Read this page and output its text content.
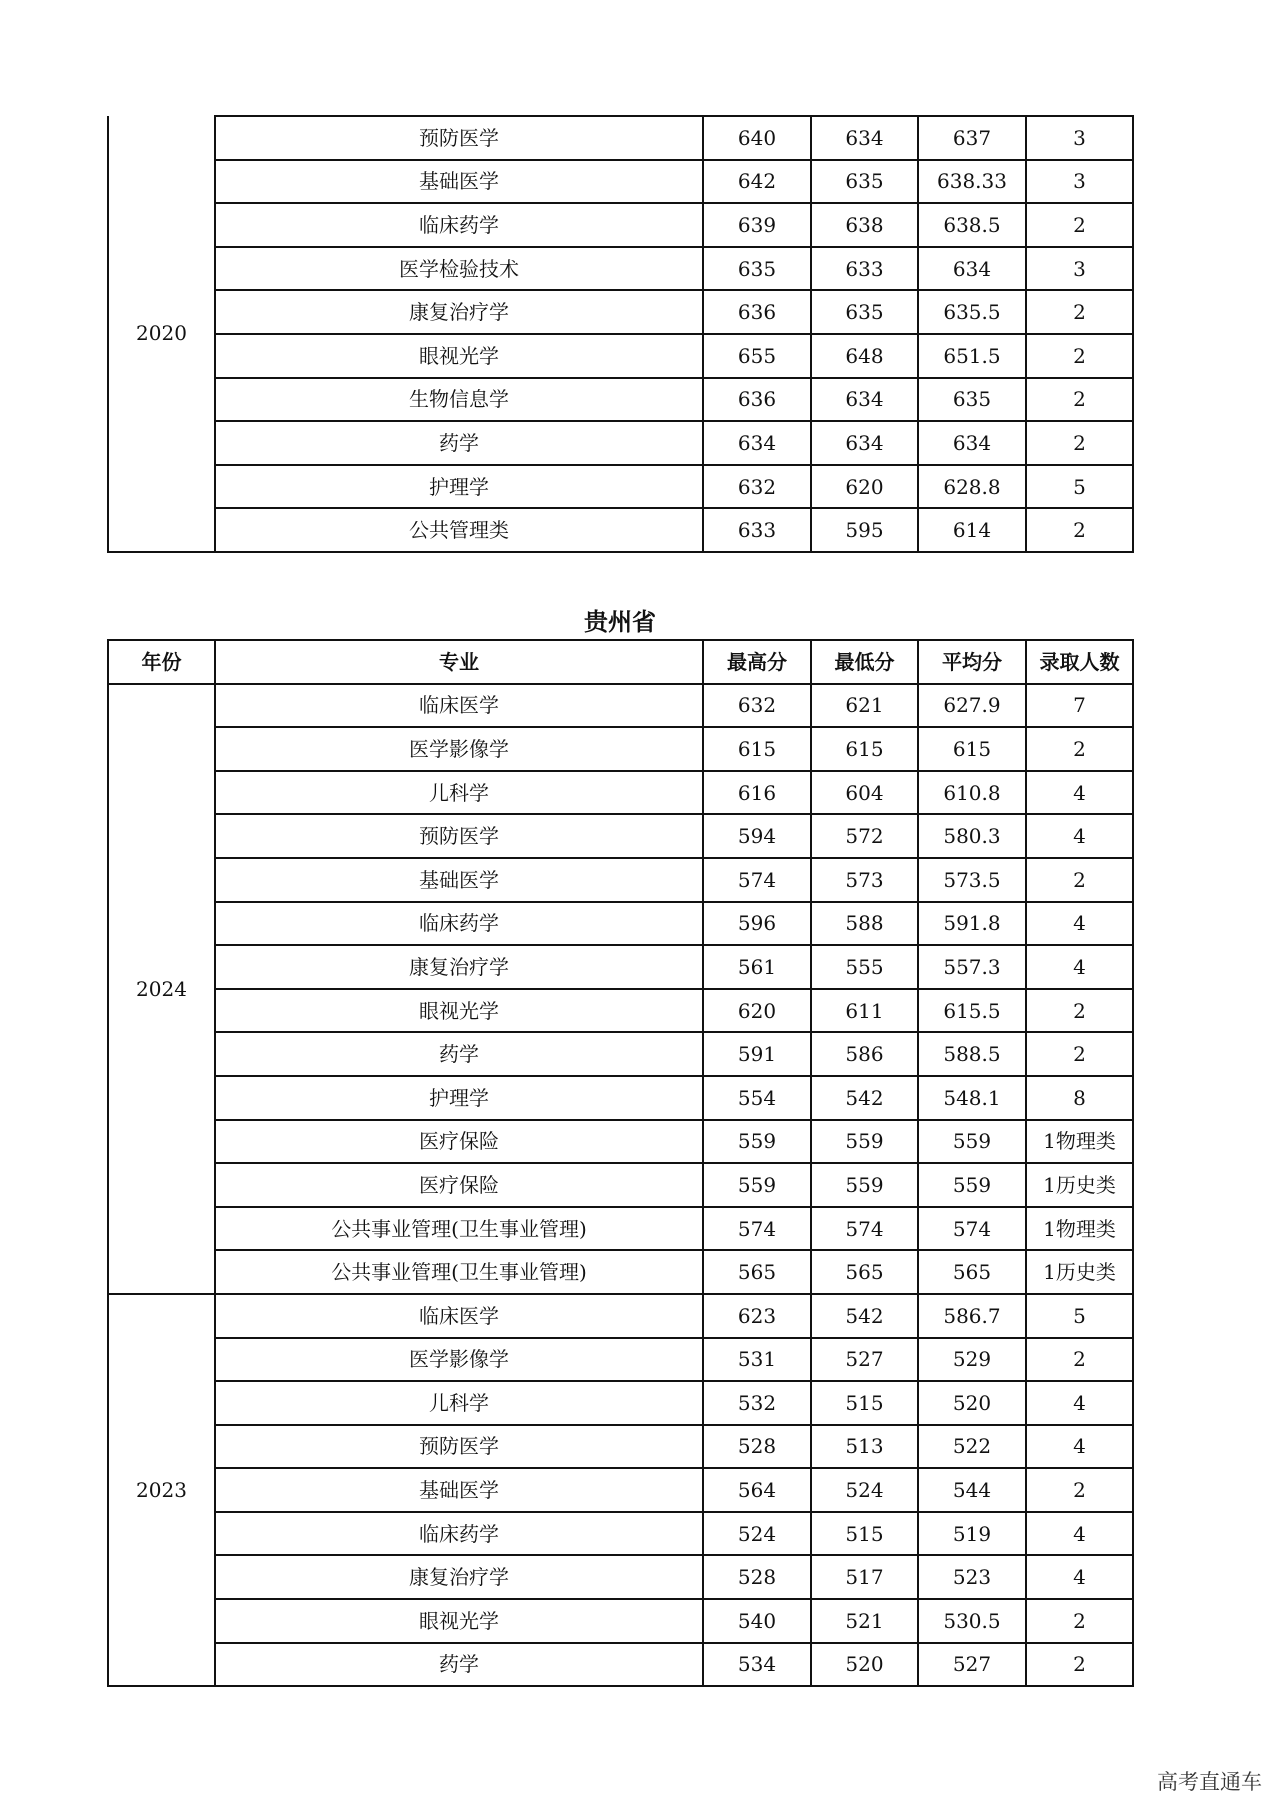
2020	预防医学	640	634	637	3
	基础医学	642	635	638.33	3
	临床药学	639	638	638.5	2
	医学检验技术	635	633	634	3
	康复治疗学	636	635	635.5	2
	眼视光学	655	648	651.5	2
	生物信息学	636	634	635	2
	药学	634	634	634	2
	护理学	632	620	628.8	5
	公共管理类	633	595	614	2
贵州省
年份	专业	最高分	最低分	平均分	录取人数
2024	临床医学	632	621	627.9	7
	医学影像学	615	615	615	2
	儿科学	616	604	610.8	4
	预防医学	594	572	580.3	4
	基础医学	574	573	573.5	2
	临床药学	596	588	591.8	4
	康复治疗学	561	555	557.3	4
	眼视光学	620	611	615.5	2
	药学	591	586	588.5	2
	护理学	554	542	548.1	8
	医疗保险	559	559	559	1物理类
	医疗保险	559	559	559	1历史类
	公共事业管理(卫生事业管理)	574	574	574	1物理类
	公共事业管理(卫生事业管理)	565	565	565	1历史类
2023	临床医学	623	542	586.7	5
	医学影像学	531	527	529	2
	儿科学	532	515	520	4
	预防医学	528	513	522	4
	基础医学	564	524	544	2
	临床药学	524	515	519	4
	康复治疗学	528	517	523	4
	眼视光学	540	521	530.5	2
	药学	534	520	527	2
高考直通车
